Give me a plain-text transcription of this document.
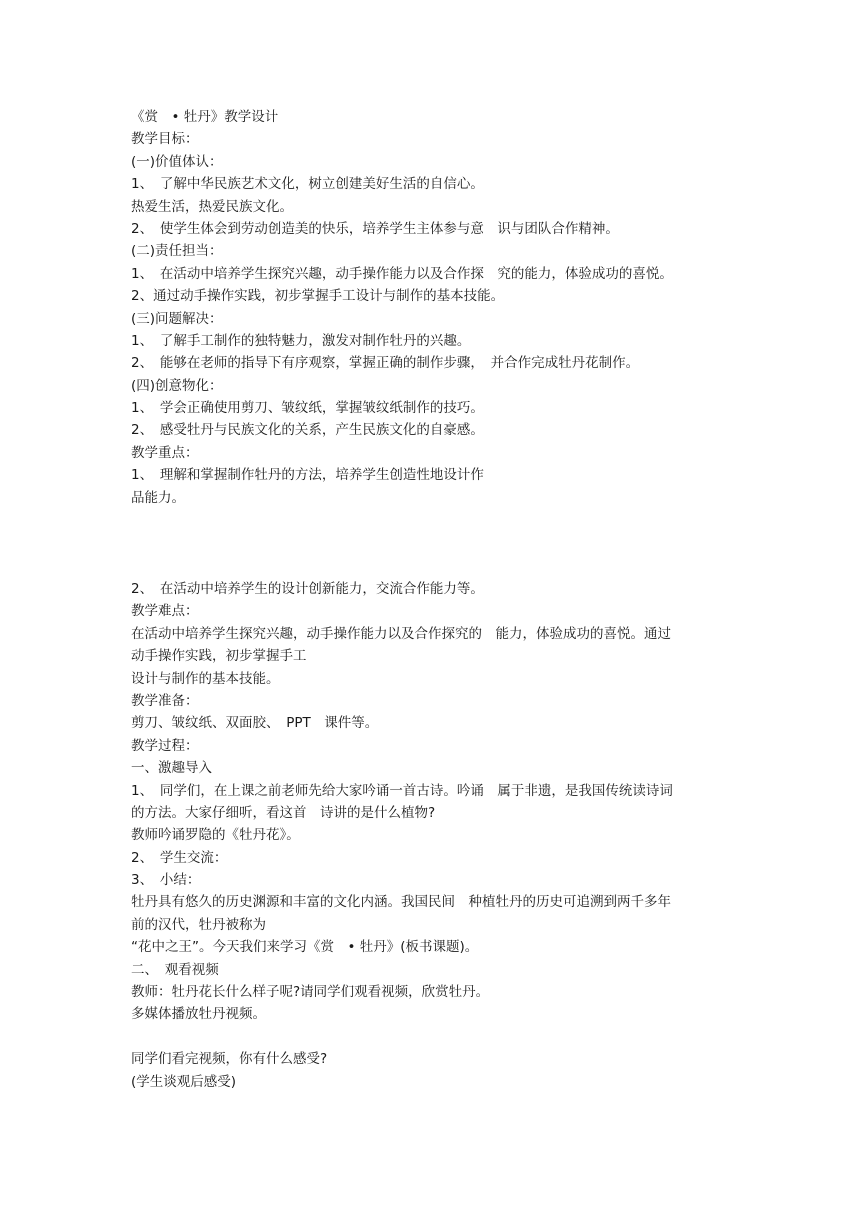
《赏　• 牡丹》教学设计
教学目标：
(一)价值体认：
1、　了解中华民族艺术文化，树立创建美好生活的自信心。
热爱生活，热爱民族文化。
2、　使学生体会到劳动创造美的快乐，培养学生主体参与意　识与团队合作精神。
(二)责任担当：
1、　在活动中培养学生探究兴趣，动手操作能力以及合作探　究的能力，体验成功的喜悦。
2、通过动手操作实践，初步掌握手工设计与制作的基本技能。
(三)问题解决：
1、　了解手工制作的独特魅力，激发对制作牡丹的兴趣。
2、　能够在老师的指导下有序观察，掌握正确的制作步骤，　并合作完成牡丹花制作。
(四)创意物化：
1、　学会正确使用剪刀、皱纹纸，掌握皱纹纸制作的技巧。
2、　感受牡丹与民族文化的关系，产生民族文化的自豪感。
教学重点：
1、　理解和掌握制作牡丹的方法，培养学生创造性地设计作
品能力。
2、　在活动中培养学生的设计创新能力，交流合作能力等。
教学难点：
在活动中培养学生探究兴趣，动手操作能力以及合作探究的　能力，体验成功的喜悦。通过
动手操作实践，初步掌握手工
设计与制作的基本技能。
教学准备：
剪刀、皱纹纸、双面胶、　PPT　课件等。
教学过程：
一、激趣导入
1、　同学们，在上课之前老师先给大家吟诵一首古诗。吟诵　属于非遗，是我国传统读诗词
的方法。大家仔细听，看这首　诗讲的是什么植物?
教师吟诵罗隐的《牡丹花》。
2、　学生交流：
3、　小结：
牡丹具有悠久的历史渊源和丰富的文化内涵。我国民间　种植牡丹的历史可追溯到两千多年
前的汉代，牡丹被称为
“花中之王”。今天我们来学习《赏　• 牡丹》(板书课题)。
二、　观看视频
教师：牡丹花长什么样子呢?请同学们观看视频，欣赏牡丹。
多媒体播放牡丹视频。
同学们看完视频，你有什么感受?
(学生谈观后感受)
